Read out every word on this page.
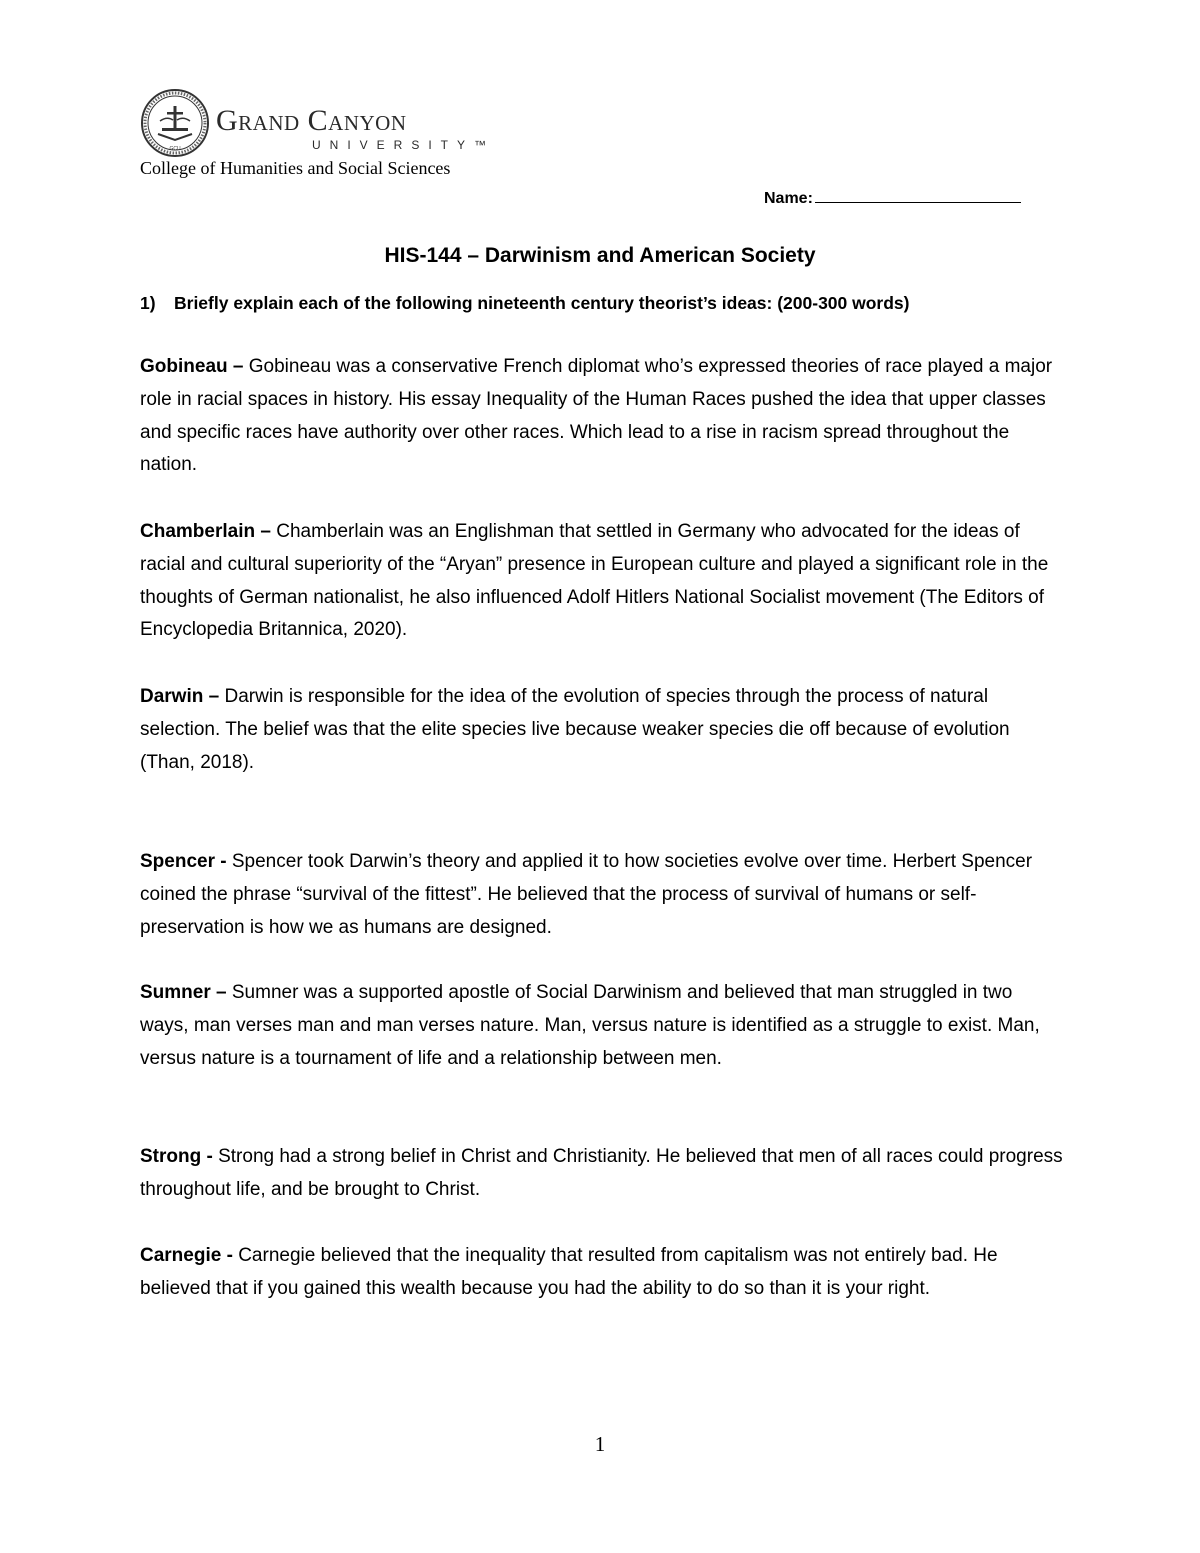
GCU
Grand Canyon
UNIVERSITY™
College of Humanities and Social Sciences
Name:
HIS-144 – Darwinism and American Society
1) Briefly explain each of the following nineteenth century theorist’s ideas: (200-300 words)
Gobineau – Gobineau was a conservative French diplomat who’s expressed theories of race played a major role in racial spaces in history. His essay Inequality of the Human Races pushed the idea that upper classes and specific races have authority over other races. Which lead to a rise in racism spread throughout the nation.
Chamberlain – Chamberlain was an Englishman that settled in Germany who advocated for the ideas of racial and cultural superiority of the “Aryan” presence in European culture and played a significant role in the thoughts of German nationalist, he also influenced Adolf Hitlers National Socialist movement (The Editors of Encyclopedia Britannica, 2020).
Darwin – Darwin is responsible for the idea of the evolution of species through the process of natural selection. The belief was that the elite species live because weaker species die off because of evolution (Than, 2018).
Spencer - Spencer took Darwin’s theory and applied it to how societies evolve over time. Herbert Spencer coined the phrase “survival of the fittest”. He believed that the process of survival of humans or self- preservation is how we as humans are designed.
Sumner – Sumner was a supported apostle of Social Darwinism and believed that man struggled in two ways, man verses man and man verses nature. Man, versus nature is identified as a struggle to exist. Man, versus nature is a tournament of life and a relationship between men.
Strong - Strong had a strong belief in Christ and Christianity. He believed that men of all races could progress throughout life, and be brought to Christ.
Carnegie - Carnegie believed that the inequality that resulted from capitalism was not entirely bad. He believed that if you gained this wealth because you had the ability to do so than it is your right.
1
